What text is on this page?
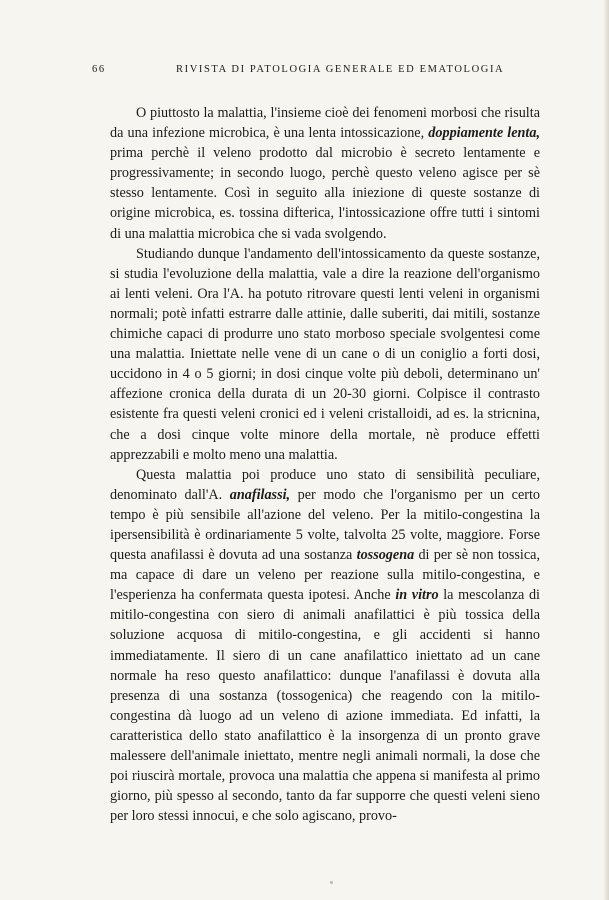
66	RIVISTA DI PATOLOGIA GENERALE ED EMATOLOGIA

O piuttosto la malattia, l'insieme cioè dei fenomeni morbosi che risulta da una infezione microbica, è una lenta intossicazione, doppiamente lenta, prima perchè il veleno prodotto dal microbio è secreto lentamente e progressivamente; in secondo luogo, perchè questo veleno agisce per sè stesso lentamente. Così in seguito alla iniezione di queste sostanze di origine microbica, es. tossina difterica, l'intossicazione offre tutti i sintomi di una malattia microbica che si vada svolgendo.

Studiando dunque l'andamento dell'intossicamento da queste sostanze, si studia l'evoluzione della malattia, vale a dire la reazione dell'organismo ai lenti veleni. Ora l'A. ha potuto ritrovare questi lenti veleni in organismi normali; potè infatti estrarre dalle attinie, dalle suberiti, dai mitili, sostanze chimiche capaci di produrre uno stato morboso speciale svolgentesi come una malattia. Iniettate nelle vene di un cane o di un coniglio a forti dosi, uccidono in 4 o 5 giorni; in dosi cinque volte più deboli, determinano un' affezione cronica della durata di un 20-30 giorni. Colpisce il contrasto esistente fra questi veleni cronici ed i veleni cristalloidi, ad es. la stricnina, che a dosi cinque volte minore della mortale, nè produce effetti apprezzabili e molto meno una malattia.

Questa malattia poi produce uno stato di sensibilità peculiare, denominato dall'A. anafilassi, per modo che l'organismo per un certo tempo è più sensibile all'azione del veleno. Per la mitilo-congestina la ipersensibilità è ordinariamente 5 volte, talvolta 25 volte, maggiore. Forse questa anafilassi è dovuta ad una sostanza tossogena di per sè non tossica, ma capace di dare un veleno per reazione sulla mitilo-congestina, e l'esperienza ha confermata questa ipotesi. Anche in vitro la mescolanza di mitilo-congestina con siero di animali anafilattici è più tossica della soluzione acquosa di mitilo-congestina, e gli accidenti si hanno immediatamente. Il siero di un cane anafilattico iniettato ad un cane normale ha reso questo anafilattico: dunque l'anafilassi è dovuta alla presenza di una sostanza (tossogenica) che reagendo con la mitilo-congestina dà luogo ad un veleno di azione immediata. Ed infatti, la caratteristica dello stato anafilattico è la insorgenza di un pronto grave malessere dell'animale iniettato, mentre negli animali normali, la dose che poi riuscirà mortale, provoca una malattia che appena si manifesta al primo giorno, più spesso al secondo, tanto da far supporre che questi veleni sieno per loro stessi innocui, e che solo agiscano, provo-
